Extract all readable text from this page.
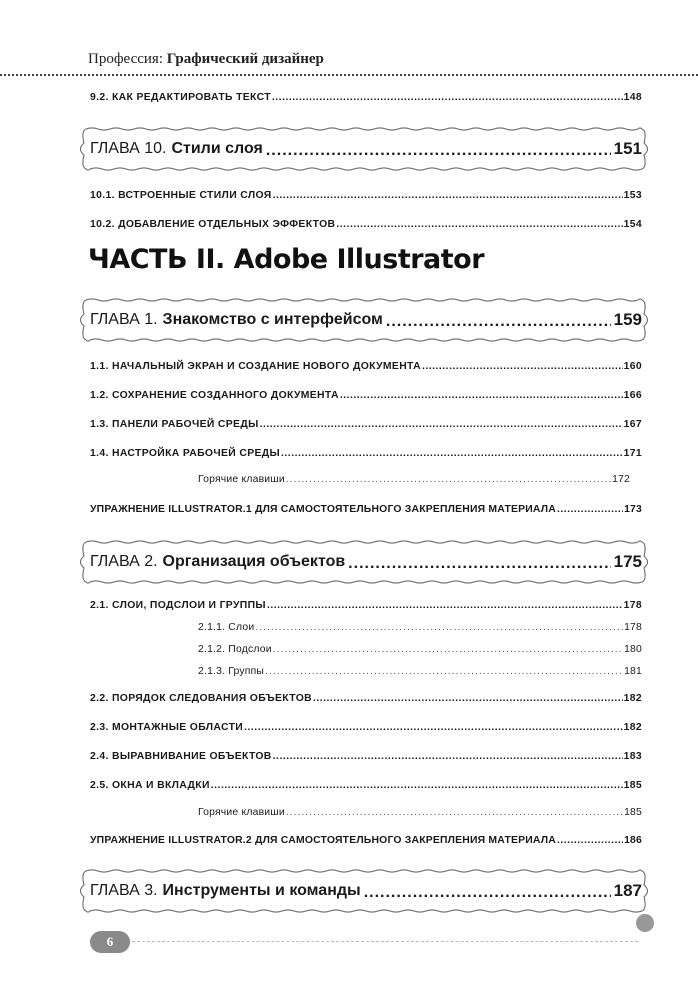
Профессия: Графический дизайнер
9.2. КАК РЕДАКТИРОВАТЬ ТЕКСТ .....	148
ГЛАВА 10. Стили слоя .....	151
10.1. ВСТРОЕННЫЕ СТИЛИ СЛОЯ .....	153
10.2. ДОБАВЛЕНИЕ ОТДЕЛЬНЫХ ЭФФЕКТОВ .....	154
ЧАСТЬ II. Adobe Illustrator
ГЛАВА 1. Знакомство с интерфейсом .....	159
1.1. НАЧАЛЬНЫЙ ЭКРАН И СОЗДАНИЕ НОВОГО ДОКУМЕНТА .....	160
1.2. СОХРАНЕНИЕ СОЗДАННОГО ДОКУМЕНТА .....	166
1.3. ПАНЕЛИ РАБОЧЕЙ СРЕДЫ .....	167
1.4. НАСТРОЙКА РАБОЧЕЙ СРЕДЫ .....	171
Горячие клавиши .....	172
УПРАЖНЕНИЕ ILLUSTRATOR.1 ДЛЯ САМОСТОЯТЕЛЬНОГО ЗАКРЕПЛЕНИЯ МАТЕРИАЛА .....	173
ГЛАВА 2. Организация объектов .....	175
2.1. СЛОИ, ПОДСЛОИ И ГРУППЫ .....	178
2.1.1. Слои .....	178
2.1.2. Подслои .....	180
2.1.3. Группы .....	181
2.2. ПОРЯДОК СЛЕДОВАНИЯ ОБЪЕКТОВ .....	182
2.3. МОНТАЖНЫЕ ОБЛАСТИ .....	182
2.4. ВЫРАВНИВАНИЕ ОБЪЕКТОВ .....	183
2.5. ОКНА И ВКЛАДКИ .....	185
Горячие клавиши .....	185
УПРАЖНЕНИЕ ILLUSTRATOR.2 ДЛЯ САМОСТОЯТЕЛЬНОГО ЗАКРЕПЛЕНИЯ МАТЕРИАЛА .....	186
ГЛАВА 3. Инструменты и команды .....	187
6
